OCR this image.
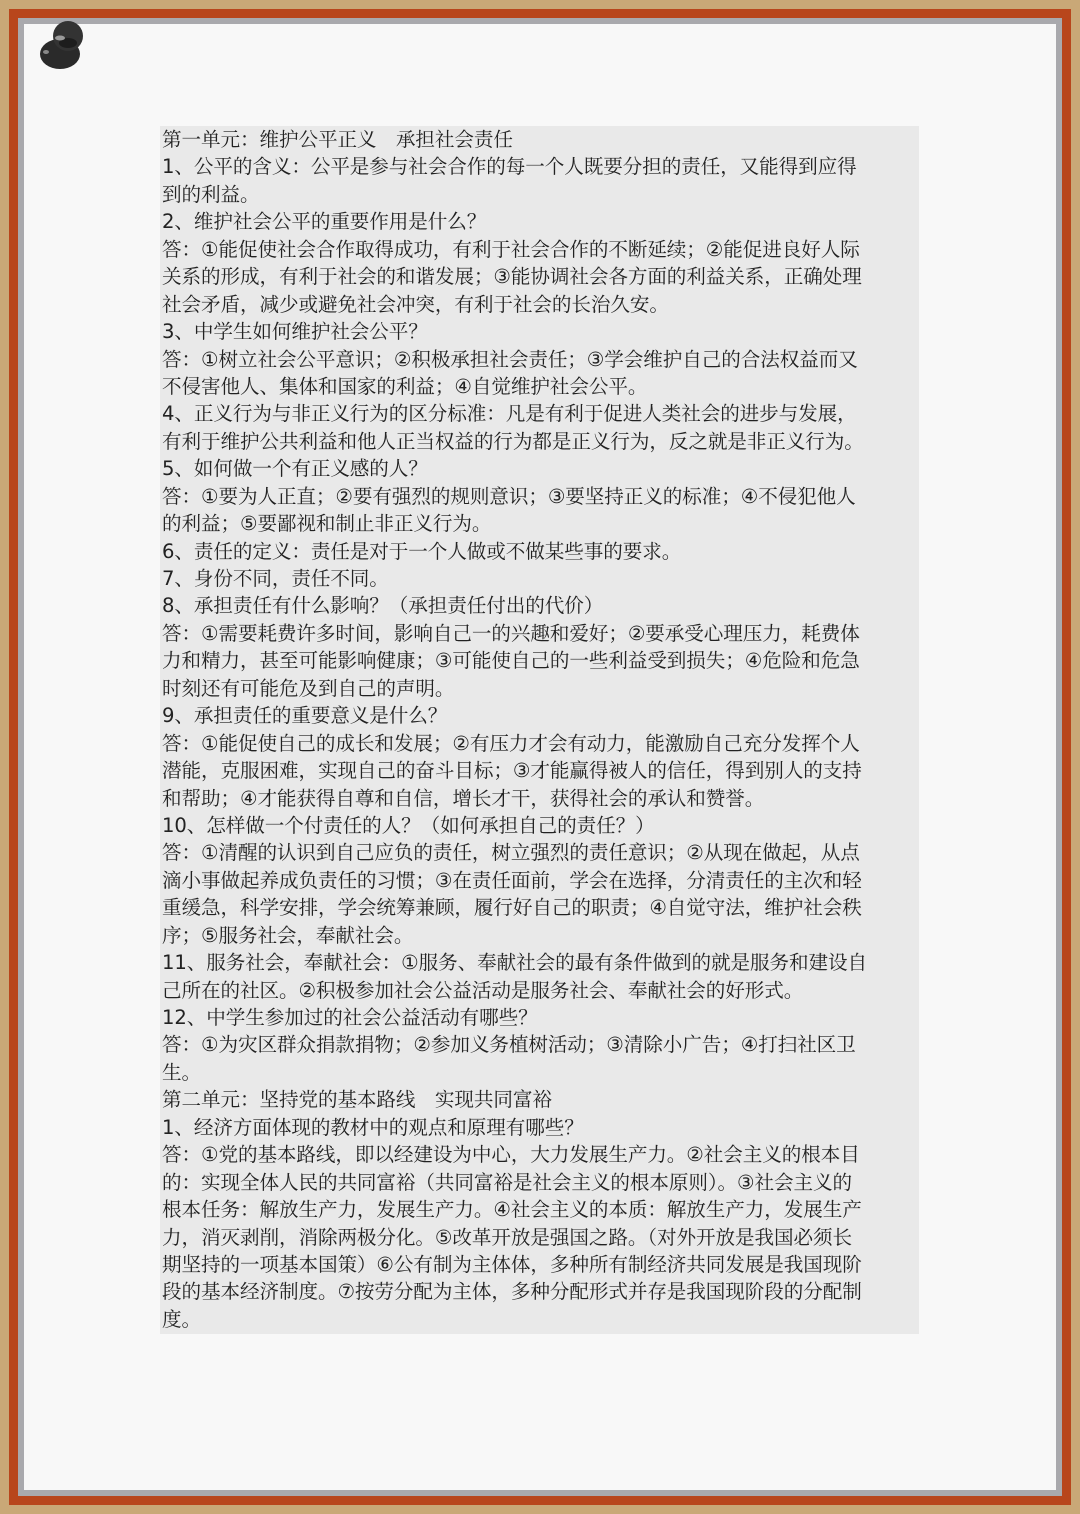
第一单元：维护公平正义　承担社会责任
1、公平的含义：公平是参与社会合作的每一个人既要分担的责任，又能得到应得
到的利益。
2、维护社会公平的重要作用是什么？
答：①能促使社会合作取得成功，有利于社会合作的不断延续；②能促进良好人际
关系的形成，有利于社会的和谐发展；③能协调社会各方面的利益关系，正确处理
社会矛盾，减少或避免社会冲突，有利于社会的长治久安。
3、中学生如何维护社会公平？
答：①树立社会公平意识；②积极承担社会责任；③学会维护自己的合法权益而又
不侵害他人、集体和国家的利益；④自觉维护社会公平。
4、正义行为与非正义行为的区分标准：凡是有利于促进人类社会的进步与发展，
有利于维护公共利益和他人正当权益的行为都是正义行为，反之就是非正义行为。
5、如何做一个有正义感的人？
答：①要为人正直；②要有强烈的规则意识；③要坚持正义的标准；④不侵犯他人
的利益；⑤要鄙视和制止非正义行为。
6、责任的定义：责任是对于一个人做或不做某些事的要求。
7、身份不同，责任不同。
8、承担责任有什么影响？（承担责任付出的代价）
答：①需要耗费许多时间，影响自己一的兴趣和爱好；②要承受心理压力，耗费体
力和精力，甚至可能影响健康；③可能使自己的一些利益受到损失；④危险和危急
时刻还有可能危及到自己的声明。
9、承担责任的重要意义是什么？
答：①能促使自己的成长和发展；②有压力才会有动力，能激励自己充分发挥个人
潜能，克服困难，实现自己的奋斗目标；③才能赢得被人的信任，得到别人的支持
和帮助；④才能获得自尊和自信，增长才干，获得社会的承认和赞誉。
10、怎样做一个付责任的人？（如何承担自己的责任？）
答：①清醒的认识到自己应负的责任，树立强烈的责任意识；②从现在做起，从点
滴小事做起养成负责任的习惯；③在责任面前，学会在选择，分清责任的主次和轻
重缓急，科学安排，学会统筹兼顾，履行好自己的职责；④自觉守法，维护社会秩
序；⑤服务社会，奉献社会。
11、服务社会，奉献社会：①服务、奉献社会的最有条件做到的就是服务和建设自
己所在的社区。②积极参加社会公益活动是服务社会、奉献社会的好形式。
12、中学生参加过的社会公益活动有哪些？
答：①为灾区群众捐款捐物；②参加义务植树活动；③清除小广告；④打扫社区卫
生。
第二单元：坚持党的基本路线　实现共同富裕
1、经济方面体现的教材中的观点和原理有哪些？
答：①党的基本路线，即以经建设为中心，大力发展生产力。②社会主义的根本目
的：实现全体人民的共同富裕（共同富裕是社会主义的根本原则）。③社会主义的
根本任务：解放生产力，发展生产力。④社会主义的本质：解放生产力，发展生产
力，消灭剥削，消除两极分化。⑤改革开放是强国之路。（对外开放是我国必须长
期坚持的一项基本国策）⑥公有制为主体体，多种所有制经济共同发展是我国现阶
段的基本经济制度。⑦按劳分配为主体，多种分配形式并存是我国现阶段的分配制
度。
